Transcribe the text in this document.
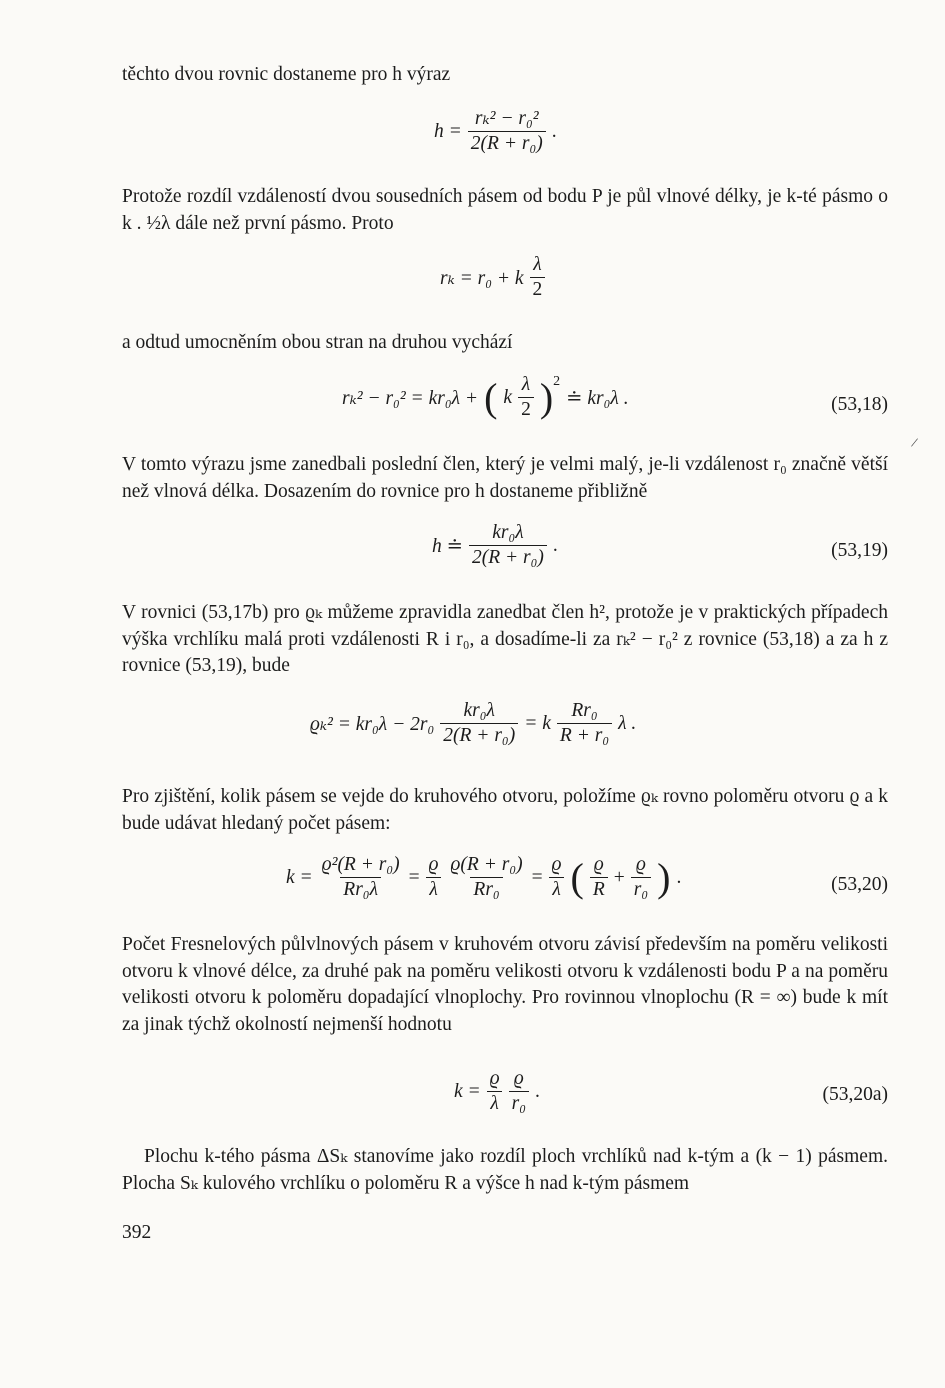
těchto dvou rovnic dostaneme pro h výraz

$h = \frac{\text{rₖ² − r₀²}}{\text{2(R + r₀)}}$ .

Protože rozdíl vzdáleností dvou sousedních pásem od bodu P je půl vlnové délky, je k-té pásmo o k . ½λ dále než první pásmo. Proto

rₖ = r₀ + k $\frac{\lambda}{2}$

a odtud umocněním obou stran na druhou vychází

rₖ² − r₀² = kr₀λ + ( k $\frac{\lambda}{2} )^2$
≐ kr₀λ .	(53,18)
/

V tomto výrazu jsme zanedbali poslední člen, který je velmi malý, je-li vzdálenost r₀ značně větší než vlnová délka. Dosazením do rovnice pro h dostaneme přibližně

h ≐ $\frac{\text{kr₀λ}}{\text{2(R + r₀)}}$ .	(53,19)

V rovnici (53,17b) pro ϱₖ můžeme zpravidla zanedbat člen h², protože je v praktických případech výška vrchlíku malá proti vzdálenosti R i r₀, a dosadíme-li za rₖ² − r₀² z rovnice (53,18) a za h z rovnice (53,19), bude

$ϱ_k^2 = kr_0\lambda - 2r_0 \frac{\text{kr₀λ}}{\text{2(R + r₀)}} = k \frac{\text{Rr₀}}{\text{R + r₀}}$ λ .

Pro zjištění, kolik pásem se vejde do kruhového otvoru, položíme ϱₖ rovno poloměru otvoru ϱ a k bude udávat hledaný počet pásem:

$k = \frac{\text{ϱ²(R + r₀)}}{\text{Rr₀λ}} = \frac{ϱ}{\lambda} \frac{\text{ϱ(R + r₀)}}{\text{Rr₀}} = \frac{ϱ}{\lambda}$ ( $\frac{ϱ}{R} + \frac{ϱ}{\text{r₀}}$ ) .	(53,20)

Počet Fresnelových půlvlnových pásem v kruhovém otvoru závisí především na poměru velikosti otvoru k vlnové délce, za druhé pak na poměru velikosti otvoru k vzdálenosti bodu P a na poměru velikosti otvoru k poloměru dopadající vlnoplochy. Pro rovinnou vlnoplochu (R = ∞) bude k mít za jinak týchž okolností nejmenší hodnotu

$k = \frac{ϱ}{\lambda} \frac{ϱ}{\text{r₀}}$ .	(53,20a)

Plochu k-tého pásma ΔSₖ stanovíme jako rozdíl ploch vrchlíků nad k-tým a (k − 1) pásmem. Plocha Sₖ kulového vrchlíku o poloměru R a výšce h nad k-tým pásmem

392
